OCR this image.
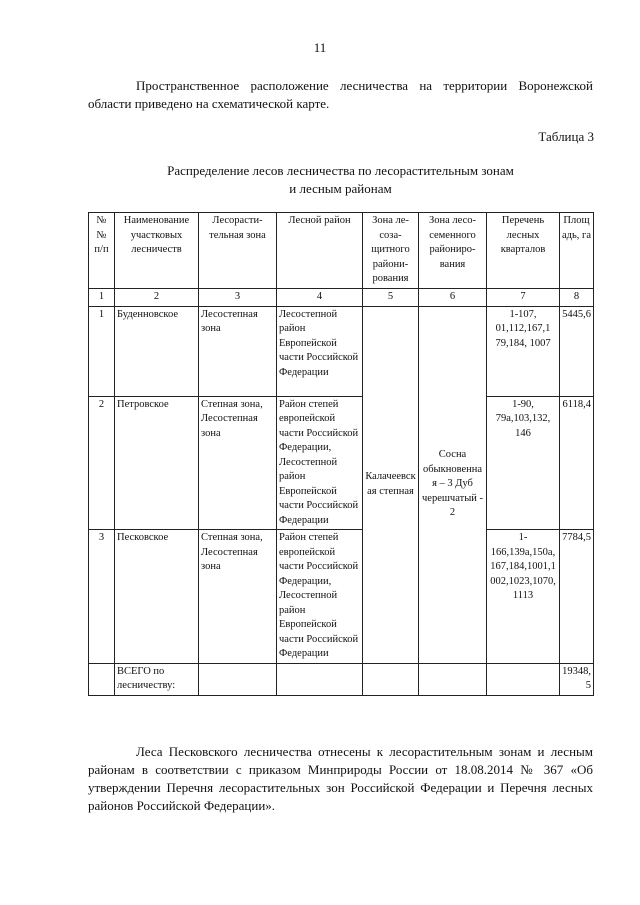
11

Пространственное расположение лесничества на территории Воронежской области приведено на схематической карте.

Таблица 3
Распределение лесов лесничества по лесорастительным зонам
и лесным районам
№ № п/п	Наименование участковых лесничеств	Лесорасти-тельная зона	Лесной район	Зона ле-соза-щитного райони-рования	Зона лесо-семенного райониро-вания	Перечень лесных кварталов	Площадь, га
1	2	3	4	5	6	7	8
1	Буденновское	Лесостепная зона	Лесостепной район Европейской части Российской Федерации	Калачеевская степная	Сосна обыкновенная – 3 Дуб черешчатый - 2	1-107, 01,112,167,1 79,184, 1007	5445,6
2	Петровское	Степная зона, Лесостепная зона	Район степей европейской части Российской Федерации, Лесостепной район Европейской части Российской Федерации			1-90, 79а,103,132, 146	6118,4
3	Песковское	Степная зона, Лесостепная зона	Район степей европейской части Российской Федерации, Лесостепной район Европейской части Российской Федерации			1-166,139а,150а,167,184,1001,1002,1023,1070,1113	7784,5
	ВСЕГО по лесничеству:						19348,5

Леса Песковского лесничества отнесены к лесорастительным зонам и лесным районам в соответствии с приказом Минприроды России от 18.08.2014 № 367 «Об утверждении Перечня лесорастительных зон Российской Федерации и Перечня лесных районов Российской Федерации».
